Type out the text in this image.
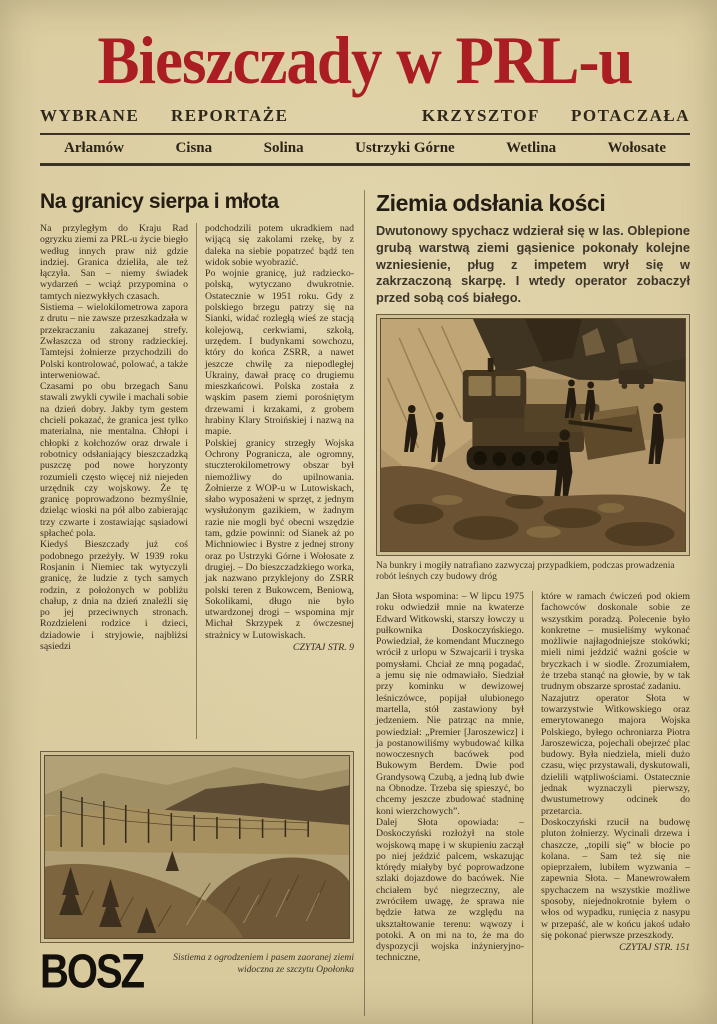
Bieszczady w PRL-u
WYBRANE REPORTAŻE	KRZYSZTOF POTACZAŁA
Arłamów	Cisna	Solina	Ustrzyki Górne	Wetlina	Wołosate
Na granicy sierpa i młota

Na przyległym do Kraju Rad ogryzku ziemi za PRL-u życie biegło według innych praw niż gdzie indziej. Granica dzieliła, ale też łączyła. San – niemy świadek wydarzeń – wciąż przypomina o tamtych niezwykłych czasach.

Sistiema – wielokilometrowa zapora z drutu – nie zawsze przeszkadzała w przekraczaniu zakazanej strefy. Zwłaszcza od strony radzieckiej. Tamtejsi żołnierze przychodzili do Polski kontrolować, polować, a także interweniować.

Czasami po obu brzegach Sanu stawali zwykli cywile i machali sobie na dzień dobry. Jakby tym gestem chcieli pokazać, że granica jest tylko materialna, nie mentalna. Chłopi i chłopki z kołchozów oraz drwale i robotnicy odsłaniający bieszczadzką puszczę pod nowe horyzonty rozumieli często więcej niż niejeden urzędnik czy wojskowy. Że tę granicę poprowadzono bezmyślnie, dzieląc wioski na pół albo zabierając trzy czwarte i zostawiając sąsiadowi spłacheć pola.

Kiedyś Bieszczady już coś podobnego przeżyły. W 1939 roku Rosjanin i Niemiec tak wytyczyli granicę, że ludzie z tych samych rodzin, z położonych w pobliżu chałup, z dnia na dzień znaleźli się po jej przeciwnych stronach. Rozdzieleni rodzice i dzieci, dziadowie i stryjowie, najbliżsi sąsiedzi

podchodzili potem ukradkiem nad wijącą się zakolami rzekę, by z daleka na siebie popatrzeć bądź ten widok sobie wyobrazić.

Po wojnie granicę, już radziecko-polską, wytyczano dwukrotnie. Ostatecznie w 1951 roku. Gdy z polskiego brzegu patrzy się na Sianki, widać rozległą wieś ze stacją kolejową, cerkwiami, szkołą, urzędem. I budynkami sowchozu, który do końca ZSRR, a nawet jeszcze chwilę za niepodległej Ukrainy, dawał pracę co drugiemu mieszkańcowi. Polska została z wąskim pasem ziemi porośniętym drzewami i krzakami, z grobem hrabiny Klary Stroińskiej i nazwą na mapie.

Polskiej granicy strzegły Wojska Ochrony Pogranicza, ale ogromny, stuczterokilometrowy obszar był niemożliwy do upilnowania. Żołnierze z WOP-u w Lutowiskach, słabo wyposażeni w sprzęt, z jednym wysłużonym gazikiem, w żadnym razie nie mogli być obecni wszędzie tam, gdzie powinni: od Sianek aż po Michniowiec i Bystre z jednej strony oraz po Ustrzyki Górne i Wołosate z drugiej. – Do bieszczadzkiego worka, jak nazwano przyklejony do ZSRR polski teren z Bukowcem, Beniową, Sokolikami, długo nie było utwardzonej drogi – wspomina mjr Michał Skrzypek z ówczesnej strażnicy w Lutowiskach.

CZYTAJ STR. 9
BOSZ	Sistiema z ogrodzeniem i pasem zaoranej ziemi widoczna ze szczytu Opołonka
Ziemia odsłania kości

Dwutonowy spychacz wdzierał się w las. Oblepione grubą warstwą ziemi gąsienice pokonały kolejne wzniesienie, pług z impetem wrył się w zakrzaczoną skarpę. I wtedy operator zobaczył przed sobą coś białego.

Na bunkry i mogiły natrafiano zazwyczaj przypadkiem, podczas prowadzenia robót leśnych czy budowy dróg

Jan Słota wspomina: – W lipcu 1975 roku odwiedził mnie na kwaterze Edward Witkowski, starszy łowczy u pułkownika Doskoczyńskiego. Powiedział, że komendant Mucznego wrócił z urlopu w Szwajcarii i tryska pomysłami. Chciał ze mną pogadać, a jemu się nie odmawiało. Siedział przy kominku w dewizowej leśniczówce, popijał ulubionego martella, stół zastawiony był jedzeniem. Nie patrząc na mnie, powiedział: „Premier [Jaroszewicz] i ja postanowiliśmy wybudować kilka nowoczesnych bacówek pod Bukowym Berdem. Dwie pod Grandysową Czubą, a jedną lub dwie na Obnodze. Trzeba się spieszyć, bo chcemy jeszcze zbudować stadninę koni wierzchowych”.

Dalej Słota opowiada: – Doskoczyński rozłożył na stole wojskową mapę i w skupieniu zaczął po niej jeździć palcem, wskazując którędy miałyby być poprowadzone szlaki dojazdowe do bacówek. Nie chciałem być niegrzeczny, ale zwróciłem uwagę, że sprawa nie będzie łatwa ze względu na ukształtowanie terenu: wąwozy i potoki. A on mi na to, że ma do dyspozycji wojska inżynieryjno-techniczne,

które w ramach ćwiczeń pod okiem fachowców doskonale sobie ze wszystkim poradzą. Polecenie było konkretne – musieliśmy wykonać możliwie najłagodniejsze stokówki; mieli nimi jeździć ważni goście w bryczkach i w siodle. Zrozumiałem, że trzeba stanąć na głowie, by w tak trudnym obszarze sprostać zadaniu.

Nazajutrz operator Słota w towarzystwie Witkowskiego oraz emerytowanego majora Wojska Polskiego, byłego ochroniarza Piotra Jaroszewicza, pojechali obejrzeć plac budowy. Była niedziela, mieli dużo czasu, więc przystawali, dyskutowali, dzielili wątpliwościami. Ostatecznie jednak wyznaczyli pierwszy, dwustumetrowy odcinek do przetarcia.

Doskoczyński rzucił na budowę pluton żołnierzy. Wycinali drzewa i chaszcze, „topili się” w błocie po kolana. – Sam też się nie opieprzałem, lubiłem wyzwania – zapewnia Słota. – Manewrowałem spychaczem na wszystkie możliwe sposoby, niejednokrotnie byłem o włos od wypadku, runięcia z nasypu w przepaść, ale w końcu jakoś udało się pokonać pierwsze przeszkody.

CZYTAJ STR. 151
